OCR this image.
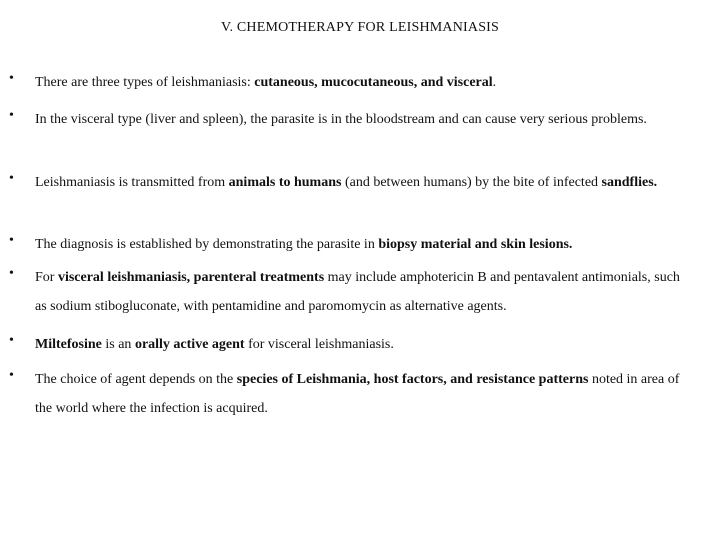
V. CHEMOTHERAPY FOR LEISHMANIASIS
• There are three types of leishmaniasis: cutaneous, mucocutaneous, and visceral.
• In the visceral type (liver and spleen), the parasite is in the bloodstream and can cause very serious problems.
• Leishmaniasis is transmitted from animals to humans (and between humans) by the bite of infected sandflies.
• The diagnosis is established by demonstrating the parasite in biopsy material and skin lesions.
• For visceral leishmaniasis, parenteral treatments may include amphotericin B and pentavalent antimonials, such as sodium stibogluconate, with pentamidine and paromomycin as alternative agents.
• Miltefosine is an orally active agent for visceral leishmaniasis.
• The choice of agent depends on the species of Leishmania, host factors, and resistance patterns noted in area of the world where the infection is acquired.
